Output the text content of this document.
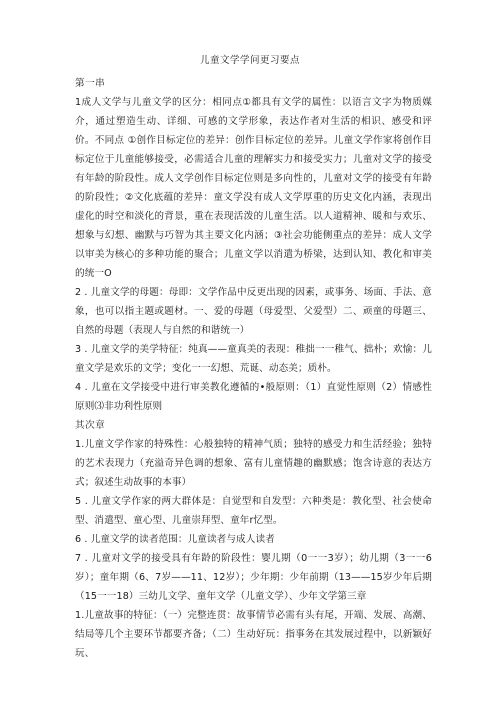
儿童文学学问更习要点

第一串

1成人文学与儿童文学的区分：相同点①都具有文学的属性：以语言文字为物质媒介，通过塑造生动、详细、可感的文学形象，表达作者对生活的相识、感受和评价。不同点 ①创作目标定位的差异：创作目标定位的差异。儿童文学作家将创作目标定位于儿童能够接受，必需适合儿童的理解实力和接受实力；儿童对文学的接受有年龄的阶段性。成人文学创作目标定位则是多向性的，儿童对文学的接受有年龄的阶段性；②文化底蕴的差异：童文学没有成人文学厚重的历史文化内涵，表现出虚化的时空和淡化的背景，重在表现活泼的儿童生活。以人道精神、暖和与欢乐、想象与幻想、幽默与巧智为其主要文化内涵；③社会功能侧重点的差异：成人文学以审美为核心的多种功能的聚合；儿童文学以消遣为桥梁，达到认知、教化和审美的统一O

2 . 儿童文学的母题：母即：文学作品中反更出现的因素，或事务、场面、手法、意象，也可以指主题或题材。一、爱的母题（母爱型、父爱型）二、顽童的母题三、自然的母题（表现人与自然的和谐统一）

3 . 儿童文学的美学特征：纯真——童真美的表现：稚拙一一稚气、拙朴；欢愉：儿童文学是欢乐的文学；变化一一幻想、荒诞、动态美；质朴。

4 . 儿童在文学接受中进行审美教化遵循的•般原则：（1）直觉性原则（2）情感性原则⑶非功利性原则

其次章

1.儿童文学作家的特殊性：心般独特的精神气质；独特的感受力和生活经验；独特的艺术表现力（充溢奇异色调的想象、富有儿童情趣的幽默感；饱含诗意的表达方式；叙述生动故事的本事）

5 . 儿童文学作家的两大群体是：自觉型和自发型：六种类是：教化型、社会使命型、消遣型、童心型、儿童崇拜型、童年r忆型。

6 . 儿童文学的读者范围：儿童读者与成人读者

7 . 儿童对文学的接受具有年龄的阶段性：婴儿期（0一一3岁）；幼儿期（3一一6岁）；童年期（6、7岁——11、12岁）；少年期：少年前期（13——15岁少年后期（15一一18）三幼儿文学、童年文学（儿童文学）、少年文学第三章

1.儿童故事的特征：（一）完整连贯：故事情节必需有头有尾，开端、发展、高潮、结局等几个主要环节都要齐备；（二）生动好玩：指事务在其发展过程中，以新颖好玩、
